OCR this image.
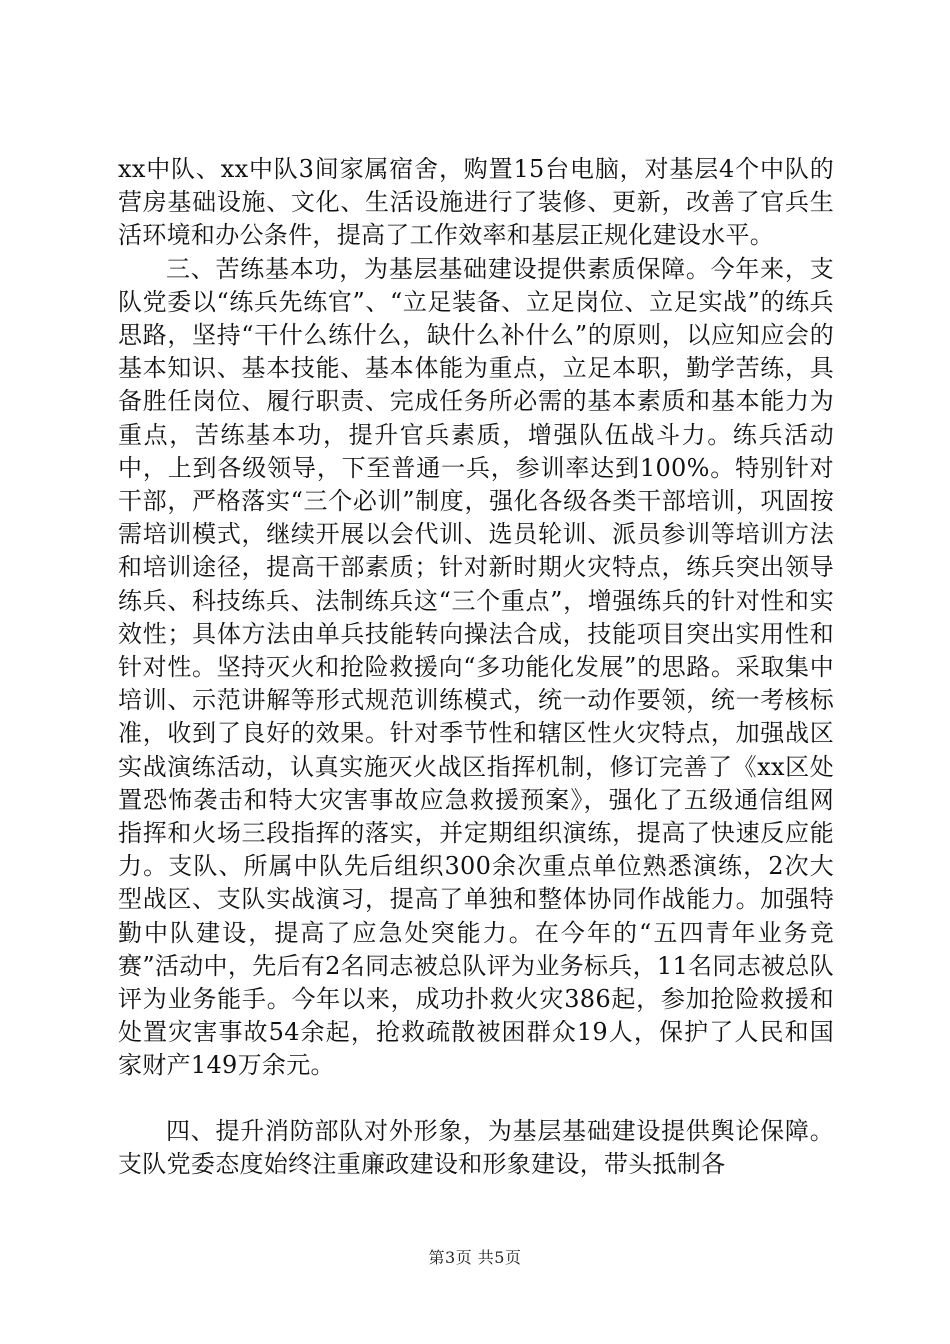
xx中队、xx中队3间家属宿舍，购置15台电脑，对基层4个中队的营房基础设施、文化、生活设施进行了装修、更新，改善了官兵生活环境和办公条件，提高了工作效率和基层正规化建设水平。

三、苦练基本功，为基层基础建设提供素质保障。今年来，支队党委以“练兵先练官”、“立足装备、立足岗位、立足实战”的练兵思路，坚持“干什么练什么，缺什么补什么”的原则，以应知应会的基本知识、基本技能、基本体能为重点，立足本职，勤学苦练，具备胜任岗位、履行职责、完成任务所必需的基本素质和基本能力为重点，苦练基本功，提升官兵素质，增强队伍战斗力。练兵活动中，上到各级领导，下至普通一兵，参训率达到100%。特别针对干部，严格落实“三个必训”制度，强化各级各类干部培训，巩固按需培训模式，继续开展以会代训、选员轮训、派员参训等培训方法和培训途径，提高干部素质；针对新时期火灾特点，练兵突出领导练兵、科技练兵、法制练兵这“三个重点”，增强练兵的针对性和实效性；具体方法由单兵技能转向操法合成，技能项目突出实用性和针对性。坚持灭火和抢险救援向“多功能化发展”的思路。采取集中培训、示范讲解等形式规范训练模式，统一动作要领，统一考核标准，收到了良好的效果。针对季节性和辖区性火灾特点，加强战区实战演练活动，认真实施灭火战区指挥机制，修订完善了《xx区处置恐怖袭击和特大灾害事故应急救援预案》，强化了五级通信组网指挥和火场三段指挥的落实，并定期组织演练，提高了快速反应能力。支队、所属中队先后组织300余次重点单位熟悉演练，2次大型战区、支队实战演习，提高了单独和整体协同作战能力。加强特勤中队建设，提高了应急处突能力。在今年的“五四青年业务竞赛”活动中，先后有2名同志被总队评为业务标兵，11名同志被总队评为业务能手。今年以来，成功扑救火灾386起，参加抢险救援和处置灾害事故54余起，抢救疏散被困群众19人，保护了人民和国家财产149万余元。

四、提升消防部队对外形象，为基层基础建设提供舆论保障。支队党委态度始终注重廉政建设和形象建设，带头抵制各

第3页 共5页
